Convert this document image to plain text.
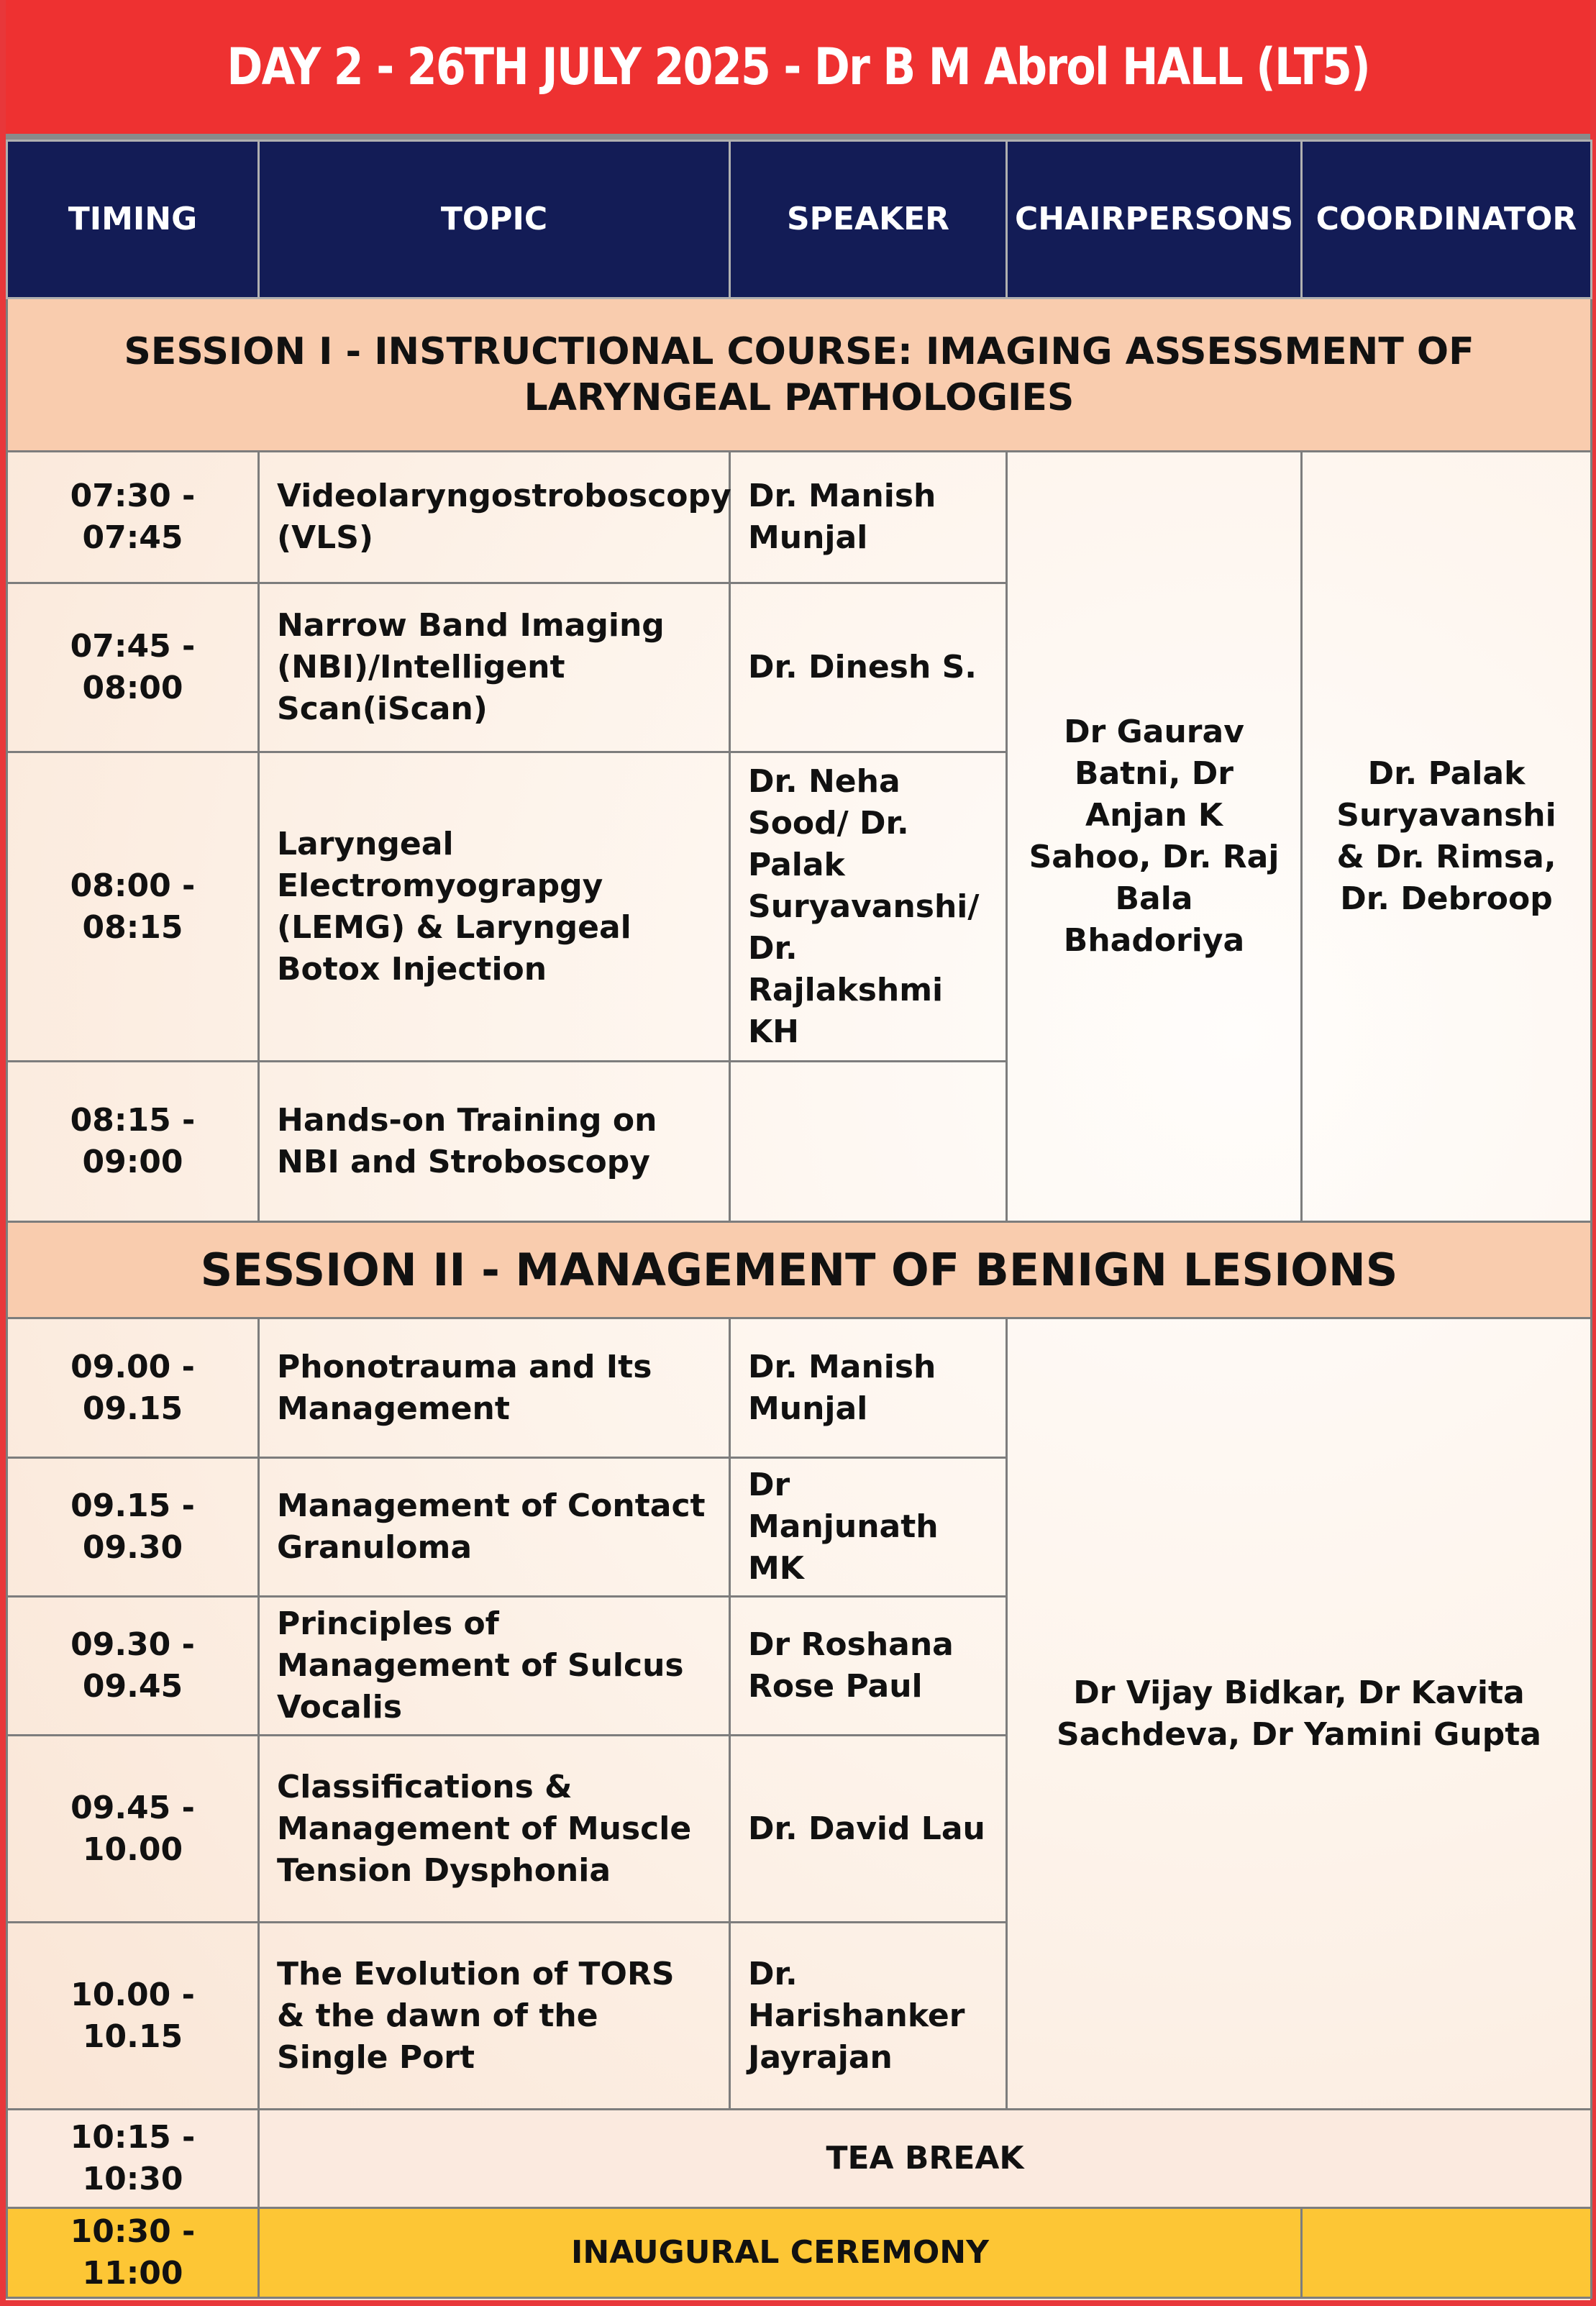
DAY 2 - 26TH JULY 2025 - Dr B M Abrol HALL (LT5)
TIMING	TOPIC	SPEAKER	CHAIRPERSONS	COORDINATOR
SESSION I - INSTRUCTIONAL COURSE: IMAGING ASSESSMENT OF LARYNGEAL PATHOLOGIES				
07:30 - 07:45	Videolaryngostroboscopy (VLS)	Dr. Manish Munjal	Dr Gaurav Batni, Dr Anjan K Sahoo, Dr. Raj Bala Bhadoriya	Dr. Palak Suryavanshi & Dr. Rimsa, Dr. Debroop
07:45 - 08:00	Narrow Band Imaging (NBI)/Intelligent Scan(iScan)	Dr. Dinesh S.		
08:00 - 08:15	Laryngeal Electromyograpgy (LEMG) & Laryngeal Botox Injection	Dr. Neha Sood/ Dr. Palak Suryavanshi/ Dr. Rajlakshmi KH		
08:15 - 09:00	Hands-on Training on NBI and Stroboscopy			
SESSION II - MANAGEMENT OF BENIGN LESIONS				
09.00 - 09.15	Phonotrauma and Its Management	Dr. Manish Munjal	Dr Vijay Bidkar, Dr Kavita Sachdeva, Dr Yamini Gupta	
09.15 - 09.30	Management of Contact Granuloma	Dr Manjunath MK		
09.30 - 09.45	Principles of Management of Sulcus Vocalis	Dr Roshana Rose Paul		
09.45 - 10.00	Classifications & Management of Muscle Tension Dysphonia	Dr. David Lau		
10.00 - 10.15	The Evolution of TORS & the dawn of the Single Port	Dr. Harishanker Jayrajan		
10:15 - 10:30	TEA BREAK			
10:30 - 11:00	INAUGURAL CEREMONY			
